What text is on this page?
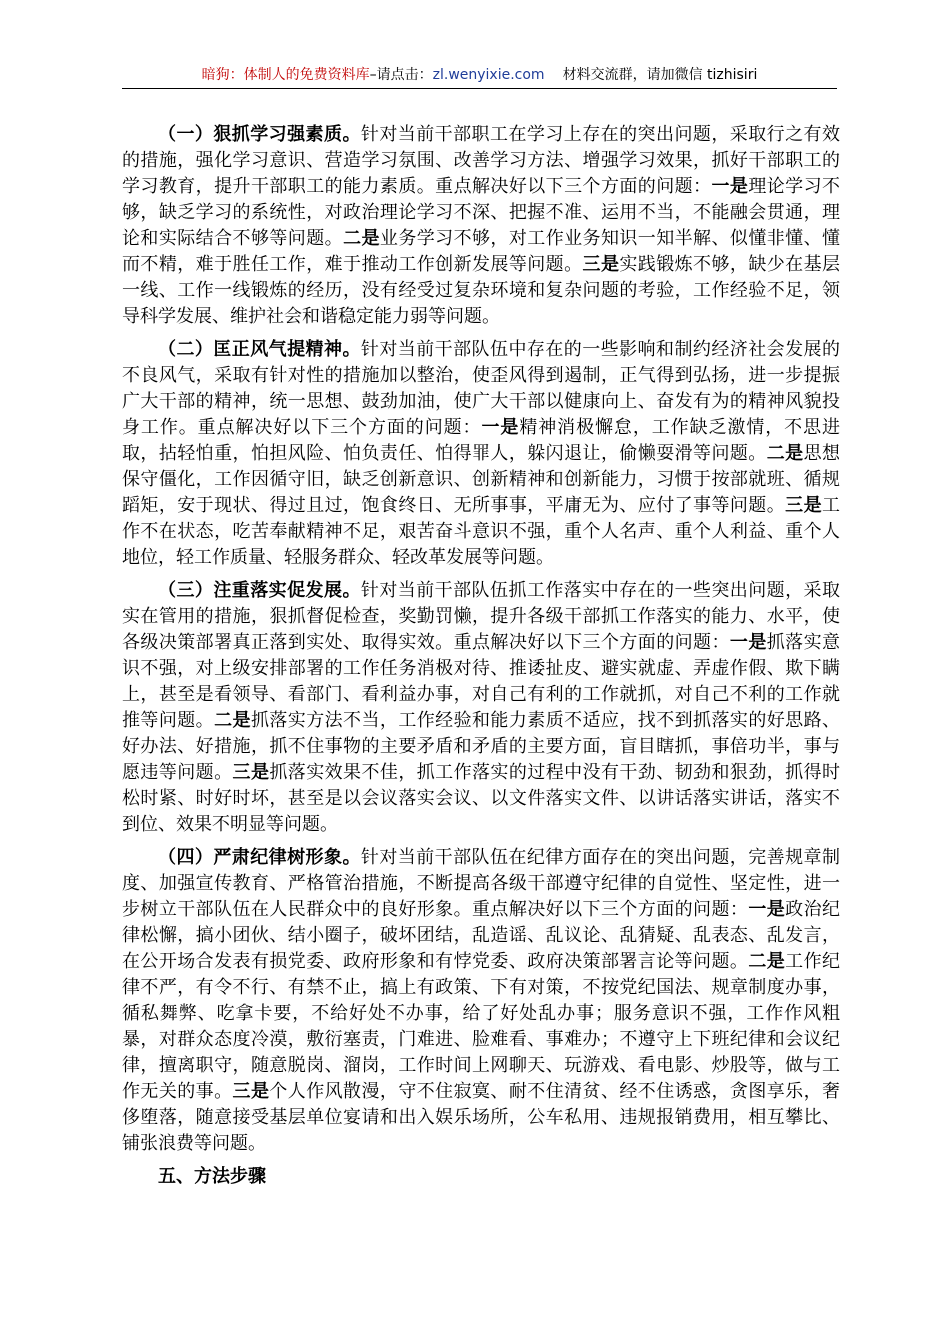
暗狗：体制人的免费资料库–请点击：zl.wenyixie.com 材料交流群，请加微信 tizhisiri

（一）狠抓学习强素质。针对当前干部职工在学习上存在的突出问题，采取行之有效的措施，强化学习意识、营造学习氛围、改善学习方法、增强学习效果，抓好干部职工的学习教育，提升干部职工的能力素质。重点解决好以下三个方面的问题：一是理论学习不够，缺乏学习的系统性，对政治理论学习不深、把握不准、运用不当，不能融会贯通，理论和实际结合不够等问题。二是业务学习不够，对工作业务知识一知半解、似懂非懂、懂而不精，难于胜任工作，难于推动工作创新发展等问题。三是实践锻炼不够，缺少在基层一线、工作一线锻炼的经历，没有经受过复杂环境和复杂问题的考验，工作经验不足，领导科学发展、维护社会和谐稳定能力弱等问题。

（二）匡正风气提精神。针对当前干部队伍中存在的一些影响和制约经济社会发展的不良风气，采取有针对性的措施加以整治，使歪风得到遏制，正气得到弘扬，进一步提振广大干部的精神，统一思想、鼓劲加油，使广大干部以健康向上、奋发有为的精神风貌投身工作。重点解决好以下三个方面的问题：一是精神消极懈怠，工作缺乏激情，不思进取，拈轻怕重，怕担风险、怕负责任、怕得罪人，躲闪退让，偷懒耍滑等问题。二是思想保守僵化，工作因循守旧，缺乏创新意识、创新精神和创新能力，习惯于按部就班、循规蹈矩，安于现状、得过且过，饱食终日、无所事事，平庸无为、应付了事等问题。三是工作不在状态，吃苦奉献精神不足，艰苦奋斗意识不强，重个人名声、重个人利益、重个人地位，轻工作质量、轻服务群众、轻改革发展等问题。

（三）注重落实促发展。针对当前干部队伍抓工作落实中存在的一些突出问题，采取实在管用的措施，狠抓督促检查，奖勤罚懒，提升各级干部抓工作落实的能力、水平，使各级决策部署真正落到实处、取得实效。重点解决好以下三个方面的问题：一是抓落实意识不强，对上级安排部署的工作任务消极对待、推诿扯皮、避实就虚、弄虚作假、欺下瞒上，甚至是看领导、看部门、看利益办事，对自己有利的工作就抓，对自己不利的工作就推等问题。二是抓落实方法不当，工作经验和能力素质不适应，找不到抓落实的好思路、好办法、好措施，抓不住事物的主要矛盾和矛盾的主要方面，盲目瞎抓，事倍功半，事与愿违等问题。三是抓落实效果不佳，抓工作落实的过程中没有干劲、韧劲和狠劲，抓得时松时紧、时好时坏，甚至是以会议落实会议、以文件落实文件、以讲话落实讲话，落实不到位、效果不明显等问题。

（四）严肃纪律树形象。针对当前干部队伍在纪律方面存在的突出问题，完善规章制度、加强宣传教育、严格管治措施，不断提高各级干部遵守纪律的自觉性、坚定性，进一步树立干部队伍在人民群众中的良好形象。重点解决好以下三个方面的问题：一是政治纪律松懈，搞小团伙、结小圈子，破坏团结，乱造谣、乱议论、乱猜疑、乱表态、乱发言，在公开场合发表有损党委、政府形象和有悖党委、政府决策部署言论等问题。二是工作纪律不严，有令不行、有禁不止，搞上有政策、下有对策，不按党纪国法、规章制度办事，循私舞弊、吃拿卡要，不给好处不办事，给了好处乱办事；服务意识不强，工作作风粗暴，对群众态度冷漠，敷衍塞责，门难进、脸难看、事难办；不遵守上下班纪律和会议纪律，擅离职守，随意脱岗、溜岗，工作时间上网聊天、玩游戏、看电影、炒股等，做与工作无关的事。三是个人作风散漫，守不住寂寞、耐不住清贫、经不住诱惑，贪图享乐，奢侈堕落，随意接受基层单位宴请和出入娱乐场所，公车私用、违规报销费用，相互攀比、铺张浪费等问题。

五、方法步骤
